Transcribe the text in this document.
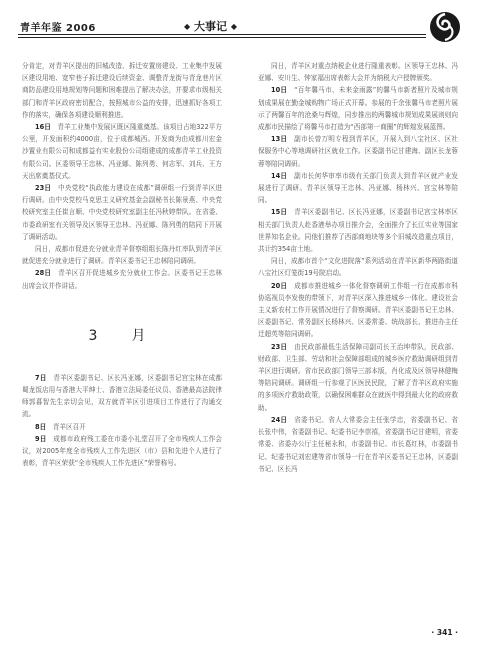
青羊年鉴 2006	◆ 大事记 ◆

分肯定，对青羊区提出的旧城改造、拆迁安置房建设、工业集中发展区建设用地、宽窄巷子拆迁建设后续资金、调整青龙街与青龙巷片区商防品建设用地规划等问题和困难提出了解决办法，并要求市级相关部门和青羊区政府密切配合，按照城市公益的安排，迅速抓好各项工作的落实，确保各项建设顺利推进。

16日　 青羊工业集中发展区既区隆重奠基。该项目占地322平方公里，开发面积约4000亩，位于成都城西。开发商为由成都川宏金沙置业有限公司和成都益有实业股份公司组建成的成都青羊工业投资有限公司。区委领导王忠林、冯亚娜、陈列勇、何志军、刘兵、王方天出席奠基仪式。

23日　 中央党校“执政能力建设在成都”调研组一行到青羊区进行调研。由中央党校马克思主义研究基金会副秘书长陈景燕、中央党校研究室主任崔言顺、中央党校研究室副主任冯秋婷带队。在省委、市委政研室有关领导及区领导王忠林、冯亚娜、陈列勇的陪同下开展了调研活动。

同日，成都市促进充分就业青羊督察组组长陈丹红率队到青羊区就促进充分就业进行了调研。青羊区委书记王忠林陪同调研。

28日　 青羊区召开促进城乡充分就业工作会。区委书记王忠林出席会议并作讲话。

3　月

7日　 青羊区委副书记、区长冯亚娜，区委副书记宫宝林在成都蜀龙饭店用与香港大平绅士、香港立法局委任议员、香港最高法院律师郭暮智先生亲切会见，双方就青羊区引进项目工作进行了沟通交流。

8日　 青羊区召开

9日　 成都市政府残工委在市委小礼堂召开了全市残疾人工作会议，对2005年度全市残疾人工作先进区（市）县和先进个人进行了表彰，青羊区荣获“全市残疾人工作先进区”荣誉称号。

同日，青羊区对重点纳税企业进行隆重表彰。区领导王忠林、冯亚娜、安川生、钟家福出席表彰大会并为纳税大户授牌颁奖。

10日　 “百年馨马市、未来金雨露”的馨马市新者照片及城市规划成果展在勤金城购物广场正式开幕。参展的千余张馨马市老照片展示了两馨百年的沧桑与辉煌，同步推出的两馨城市规划成果展则则向成都市民描绘了将馨马市打造为“西部第一商圈”的辉煌发展蓝图。

13日　 副市长曾万明专程到青羊区，开展入到八宝社区、区社保服务中心等地调研社区就业工作。区委副书记甘建海、副区长龙蓉蓉等陪同调研。

14日　 副市长何华审率市级有关部门负责人到青羊区就产业发展进行了调研。青羊区领导王忠林、冯亚娜、杨林兴、宫宝林等陪同。

15日　 青羊区委副书记、区长冯亚娜，区委副书记宫宝林率区相关部门负责人赴香港举办项目推介会，全面推介了长江实业等国家世界知名企业。同他们推荐了西部商地块等多个旧城改造重点项目，共计约354亩土地。

同日，成都市首个“文化进院落”系列活动在青羊区新华两路街道八宝社区灯笼街19号院启动。

20日　 成都市推进城乡一体化督察调研工作组一行在成都市科协巡视员李发俊的带领下，对青羊区深入推进城乡一体化、建设社会主义新农村工作开展情况进行了督察调研。青羊区委副书记王忠林、区委副书记、常务副区长杨林兴、区委常委、统战部长、推进办主任迁超英等陪同调研。

23日　 由民政部最低生活保障司副司长王治坤带队，民政部、财政部、卫生部、劳动和社会保障部组成的城乡医疗救助调研组到青羊区进行调研。省市民政部门领导三部本版，肖化成及区领导林健梅等陪同调研。调研组一行参观了区医民民院，了解了青羊区政府实施的多项医疗救助政策，以确保困难群众在就医中得到最大化的政府救助。

24日　 省委书记、省人大常委会主任张学忠，省委副书记、省长张中伟，省委副书记、纪委书记李崇禧，省委副书记甘建明，省委常委、省委办公厅主任秘永和，市委副书记、市长葛红林，市委副书记、纪委书记刘宏建等省市领导一行在青羊区委书记王忠林，区委副书记、区长冯

· 341 ·
